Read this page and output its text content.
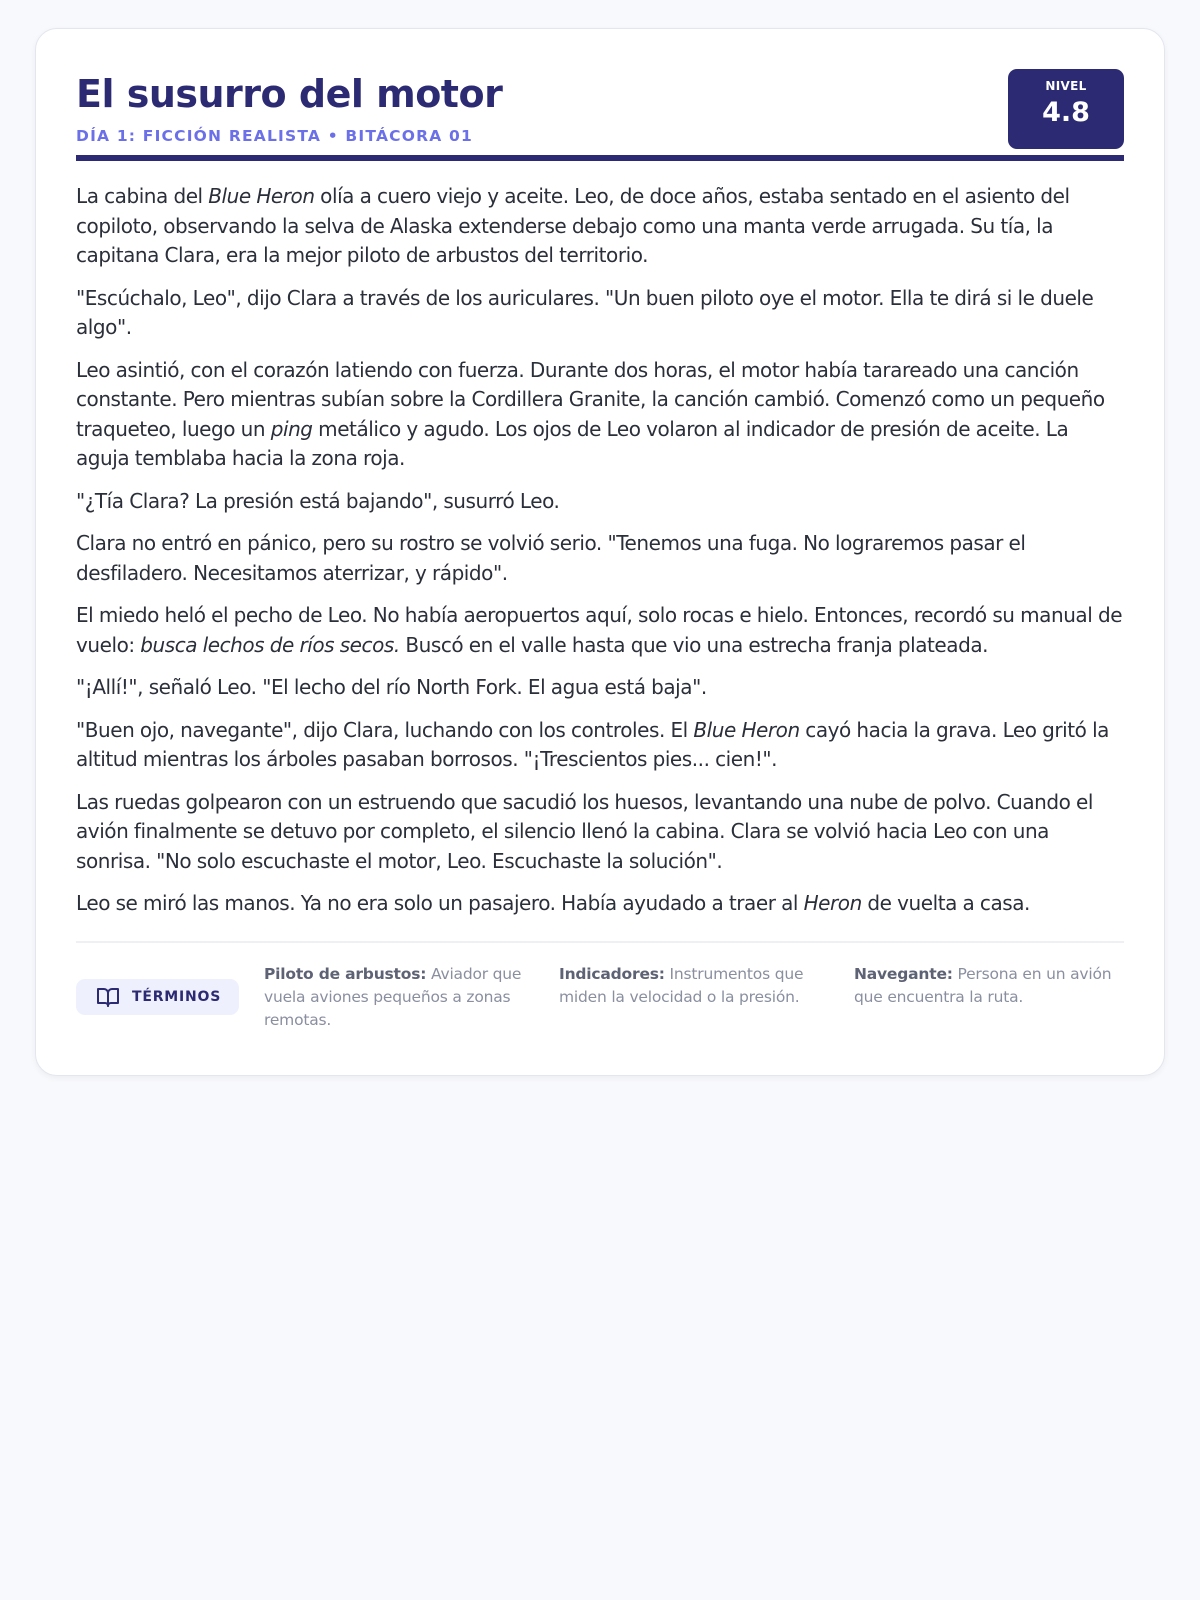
El susurro del motor
DÍA 1: FICCIÓN REALISTA • BITÁCORA 01
NIVEL
4.8

La cabina del Blue Heron olía a cuero viejo y aceite. Leo, de doce años, estaba sentado en el asiento del copiloto, observando la selva de Alaska extenderse debajo como una manta verde arrugada. Su tía, la capitana Clara, era la mejor piloto de arbustos del territorio.

"Escúchalo, Leo", dijo Clara a través de los auriculares. "Un buen piloto oye el motor. Ella te dirá si le duele algo".

Leo asintió, con el corazón latiendo con fuerza. Durante dos horas, el motor había tarareado una canción constante. Pero mientras subían sobre la Cordillera Granite, la canción cambió. Comenzó como un pequeño traqueteo, luego un ping metálico y agudo. Los ojos de Leo volaron al indicador de presión de aceite. La aguja temblaba hacia la zona roja.

"¿Tía Clara? La presión está bajando", susurró Leo.

Clara no entró en pánico, pero su rostro se volvió serio. "Tenemos una fuga. No lograremos pasar el desfiladero. Necesitamos aterrizar, y rápido".

El miedo heló el pecho de Leo. No había aeropuertos aquí, solo rocas e hielo. Entonces, recordó su manual de vuelo: busca lechos de ríos secos. Buscó en el valle hasta que vio una estrecha franja plateada.

"¡Allí!", señaló Leo. "El lecho del río North Fork. El agua está baja".

"Buen ojo, navegante", dijo Clara, luchando con los controles. El Blue Heron cayó hacia la grava. Leo gritó la altitud mientras los árboles pasaban borrosos. "¡Trescientos pies... cien!".

Las ruedas golpearon con un estruendo que sacudió los huesos, levantando una nube de polvo. Cuando el avión finalmente se detuvo por completo, el silencio llenó la cabina. Clara se volvió hacia Leo con una sonrisa. "No solo escuchaste el motor, Leo. Escuchaste la solución".

Leo se miró las manos. Ya no era solo un pasajero. Había ayudado a traer al Heron de vuelta a casa.

TÉRMINOS
Piloto de arbustos: Aviador que vuela aviones pequeños a zonas remotas.
Indicadores: Instrumentos que miden la velocidad o la presión.
Navegante: Persona en un avión que encuentra la ruta.
